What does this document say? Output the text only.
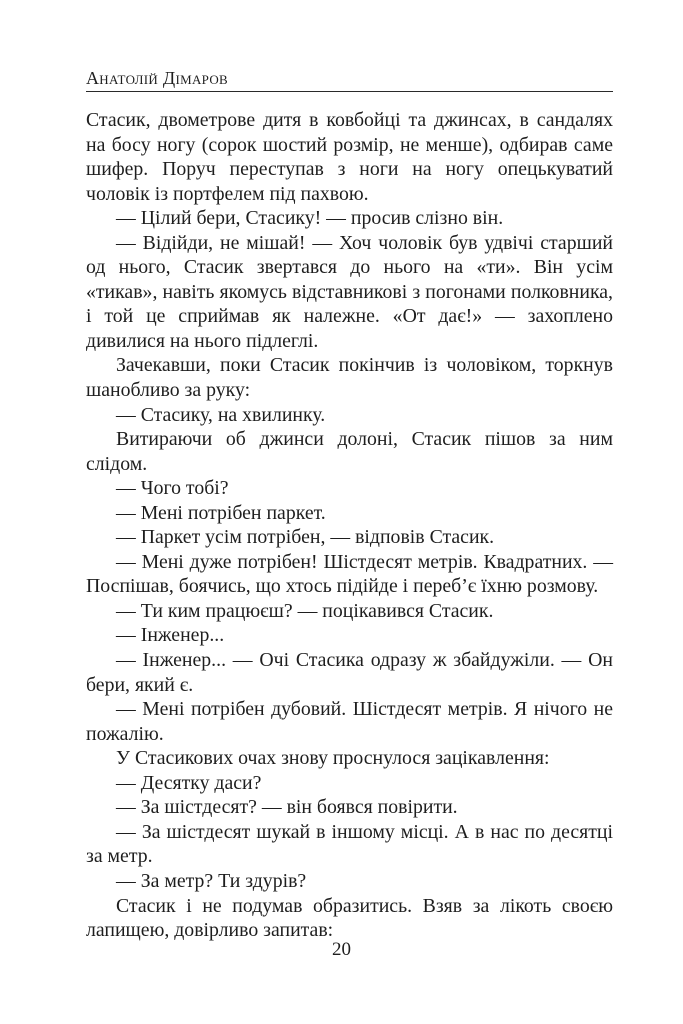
Анатолій Дімаров

Стасик, двометрове дитя в ковбойці та джинсах, в сандалях на босу ногу (сорок шостий розмір, не менше), одбирав саме шифер. Поруч переступав з ноги на ногу опецькуватий чоловік із портфелем під пахвою.

— Цілий бери, Стасику! — просив слізно він.

— Відійди, не мішай! — Хоч чоловік був удвічі старший од нього, Стасик звертався до нього на «ти». Він усім «тикав», навіть якомусь відставникові з погонами полковника, і той це сприймав як належне. «От дає!» — захоплено дивилися на нього підлеглі.

Зачекавши, поки Стасик покінчив із чоловіком, торкнув шанобливо за руку:

— Стасику, на хвилинку.

Витираючи об джинси долоні, Стасик пішов за ним слідом.

— Чого тобі?

— Мені потрібен паркет.

— Паркет усім потрібен, — відповів Стасик.

— Мені дуже потрібен! Шістдесят метрів. Квадратних. — Поспішав, боячись, що хтось підійде і переб’є їхню розмову.

— Ти ким працюєш? — поцікавився Стасик.

— Інженер...

— Інженер... — Очі Стасика одразу ж збайдужіли. — Он бери, який є.

— Мені потрібен дубовий. Шістдесят метрів. Я нічого не пожалію.

У Стасикових очах знову проснулося зацікавлення:

— Десятку даси?

— За шістдесят? — він боявся повірити.

— За шістдесят шукай в іншому місці. А в нас по десятці за метр.

— За метр? Ти здурів?

Стасик і не подумав образитись. Взяв за лікоть своєю лапищею, довірливо запитав:

20
